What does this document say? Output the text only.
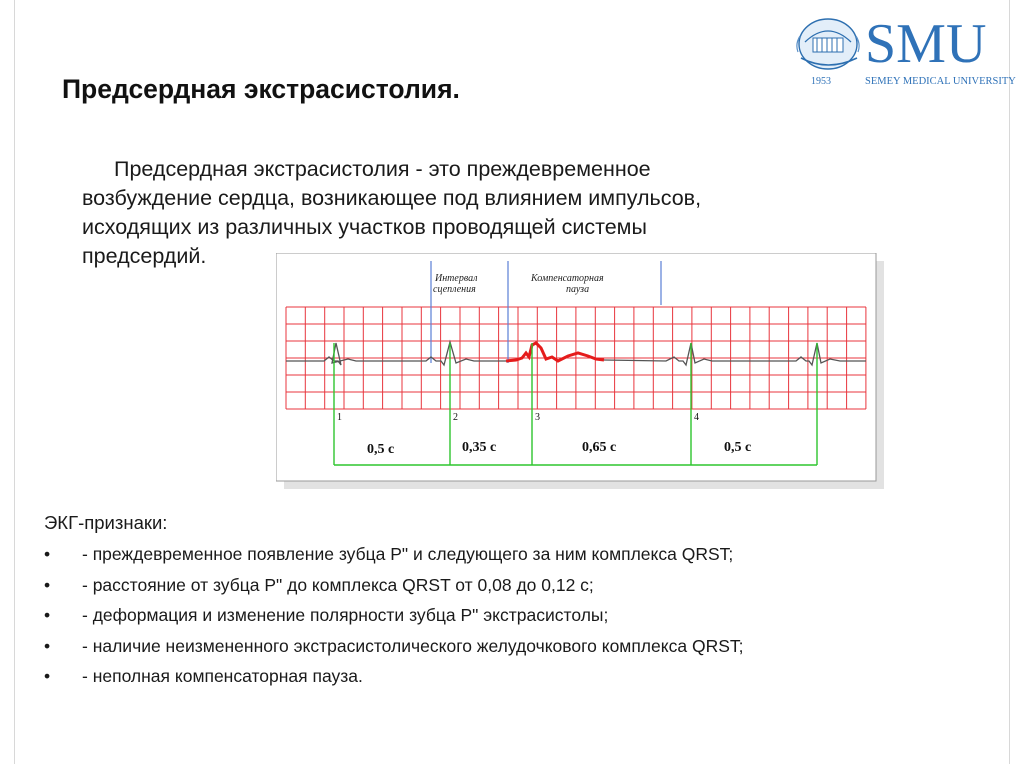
SMU
1953	SEMEY MEDICAL UNIVERSITY
Предсердная экстрасистолия.
Предсердная экстрасистолия - это преждевременное
возбуждение сердца, возникающее под влиянием импульсов,
исходящих из различных участков проводящей системы
предсердий.
Интервал
сцепления
Компенсаторная
пауза
1	2	3	4
0,5 с	0,35 с	0,65 с	0,5 с

ЭКГ-признаки:

• - преждевременное появление зубца P" и следующего за ним комплекса QRST;
• - расстояние от зубца P" до комплекса QRST от 0,08 до 0,12 с;
• - деформация и изменение полярности зубца P" экстрасистолы;
• - наличие неизмененного экстрасистолического желудочкового комплекса QRST;
• - неполная компенсаторная пауза.
